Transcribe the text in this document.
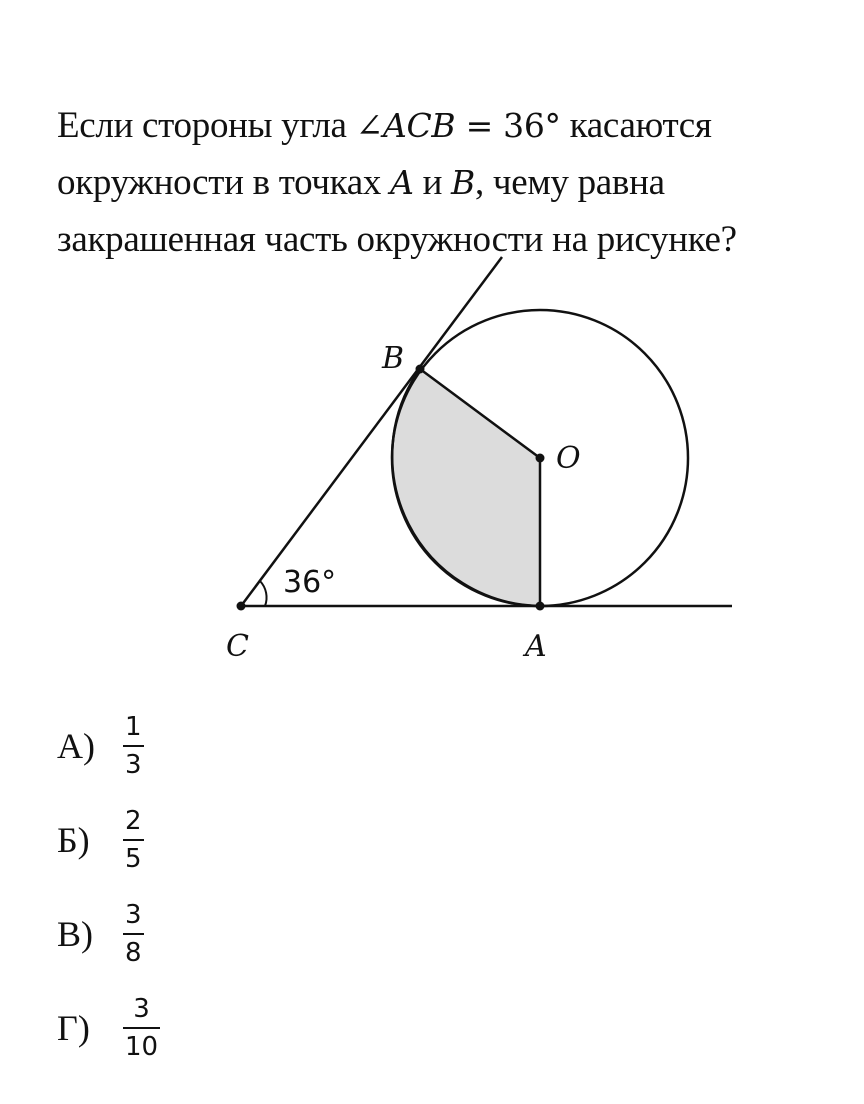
Если стороны угла ∠ACB = 36° касаются
окружности в точках A и B, чему равна
закрашенная часть окружности на рисунке?
B
O
C	A
36°
А)	$\frac{1}{3}$
Б)	$\frac{2}{5}$
В)	$\frac{3}{8}$
Г)	$\frac{3}{10}$
